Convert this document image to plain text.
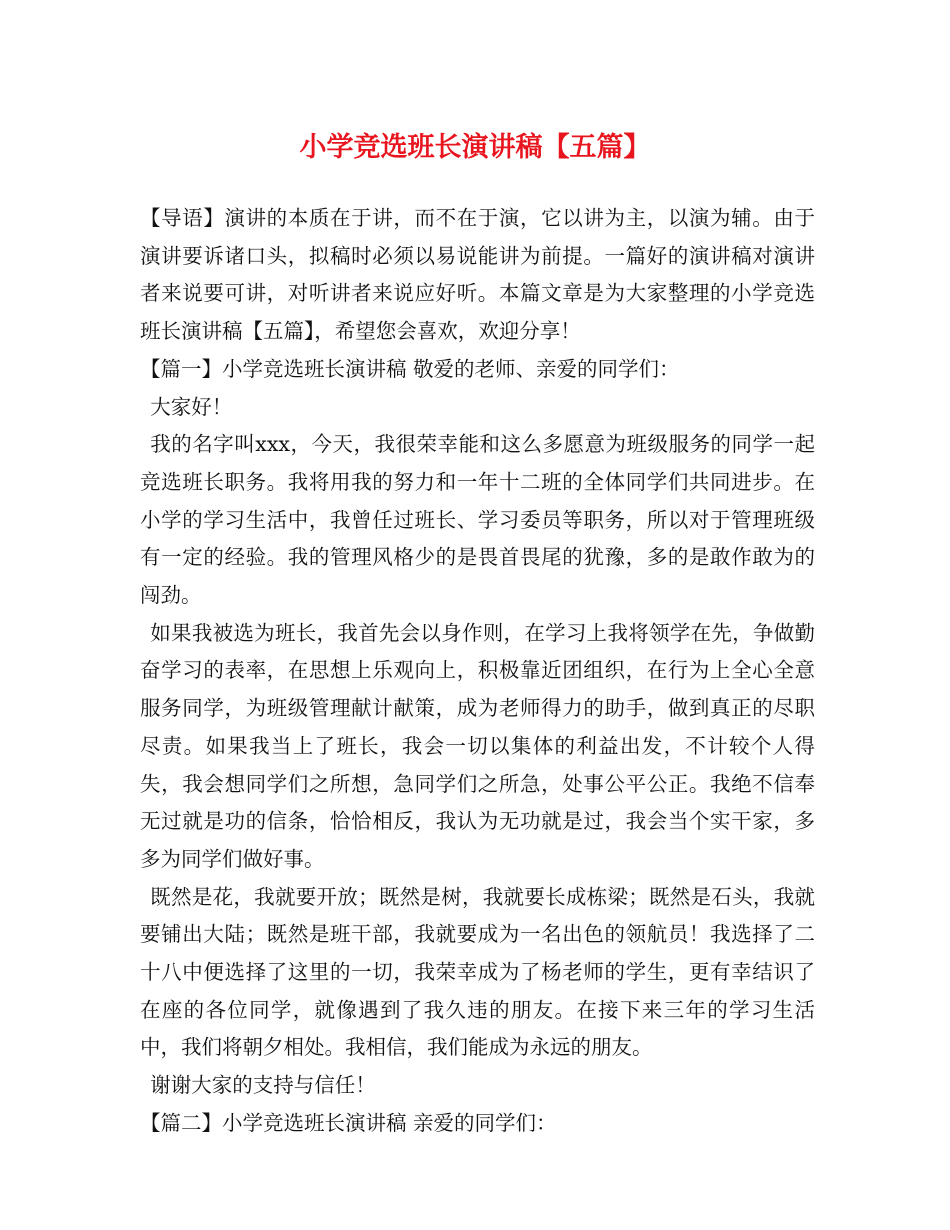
小学竞选班长演讲稿【五篇】

【导语】演讲的本质在于讲，而不在于演，它以讲为主，以演为辅。由于演讲要诉诸口头，拟稿时必须以易说能讲为前提。一篇好的演讲稿对演讲者来说要可讲，对听讲者来说应好听。本篇文章是为大家整理的小学竞选班长演讲稿【五篇】，希望您会喜欢，欢迎分享！

【篇一】小学竞选班长演讲稿 敬爱的老师、亲爱的同学们：

大家好！

我的名字叫xxx，今天，我很荣幸能和这么多愿意为班级服务的同学一起竞选班长职务。我将用我的努力和一年十二班的全体同学们共同进步。在小学的学习生活中，我曾任过班长、学习委员等职务，所以对于管理班级有一定的经验。我的管理风格少的是畏首畏尾的犹豫，多的是敢作敢为的闯劲。

如果我被选为班长，我首先会以身作则，在学习上我将领学在先，争做勤奋学习的表率，在思想上乐观向上，积极靠近团组织，在行为上全心全意服务同学，为班级管理献计献策，成为老师得力的助手，做到真正的尽职尽责。如果我当上了班长，我会一切以集体的利益出发，不计较个人得失，我会想同学们之所想，急同学们之所急，处事公平公正。我绝不信奉无过就是功的信条，恰恰相反，我认为无功就是过，我会当个实干家，多多为同学们做好事。

既然是花，我就要开放；既然是树，我就要长成栋梁；既然是石头，我就要铺出大陆；既然是班干部，我就要成为一名出色的领航员！我选择了二十八中便选择了这里的一切，我荣幸成为了杨老师的学生，更有幸结识了在座的各位同学，就像遇到了我久违的朋友。在接下来三年的学习生活中，我们将朝夕相处。我相信，我们能成为永远的朋友。

谢谢大家的支持与信任！

【篇二】小学竞选班长演讲稿 亲爱的同学们：
